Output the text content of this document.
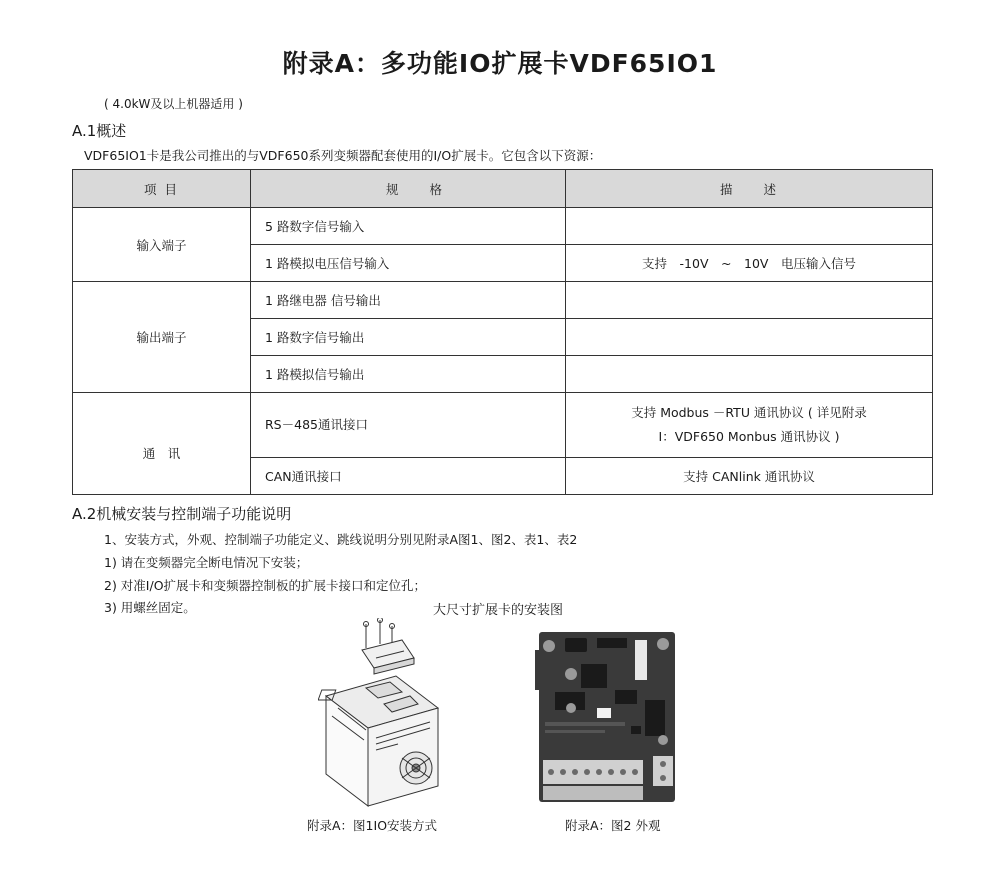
附录A：多功能IO扩展卡VDF65IO1
( 4.0kW及以上机器适用 )
A.1概述
VDF65IO1卡是我公司推出的与VDF650系列变频器配套使用的I/O扩展卡。它包含以下资源：
项 目	规　　格	描　　述
输入端子	5 路数字信号输入	
	1 路模拟电压信号输入	支持　-10V　~　10V　电压输入信号
输出端子	1 路继电器 信号输出	
	1 路数字信号输出	
	1 路模拟信号输出	
通　讯	RS－485通讯接口	支持 Modbus －RTU 通讯协议 ( 详见附录
I：VDF650 Monbus 通讯协议 )

	CAN通讯接口	支持 CANlink 通讯协议
A.2机械安装与控制端子功能说明
1、安装方式，外观、控制端子功能定义、跳线说明分别见附录A图1、图2、表1、表2
1) 请在变频器完全断电情况下安装；
2) 对准I/O扩展卡和变频器控制板的扩展卡接口和定位孔；
3) 用螺丝固定。	大尺寸扩展卡的安装图
附录A：图1IO安装方式	附录A：图2 外观
